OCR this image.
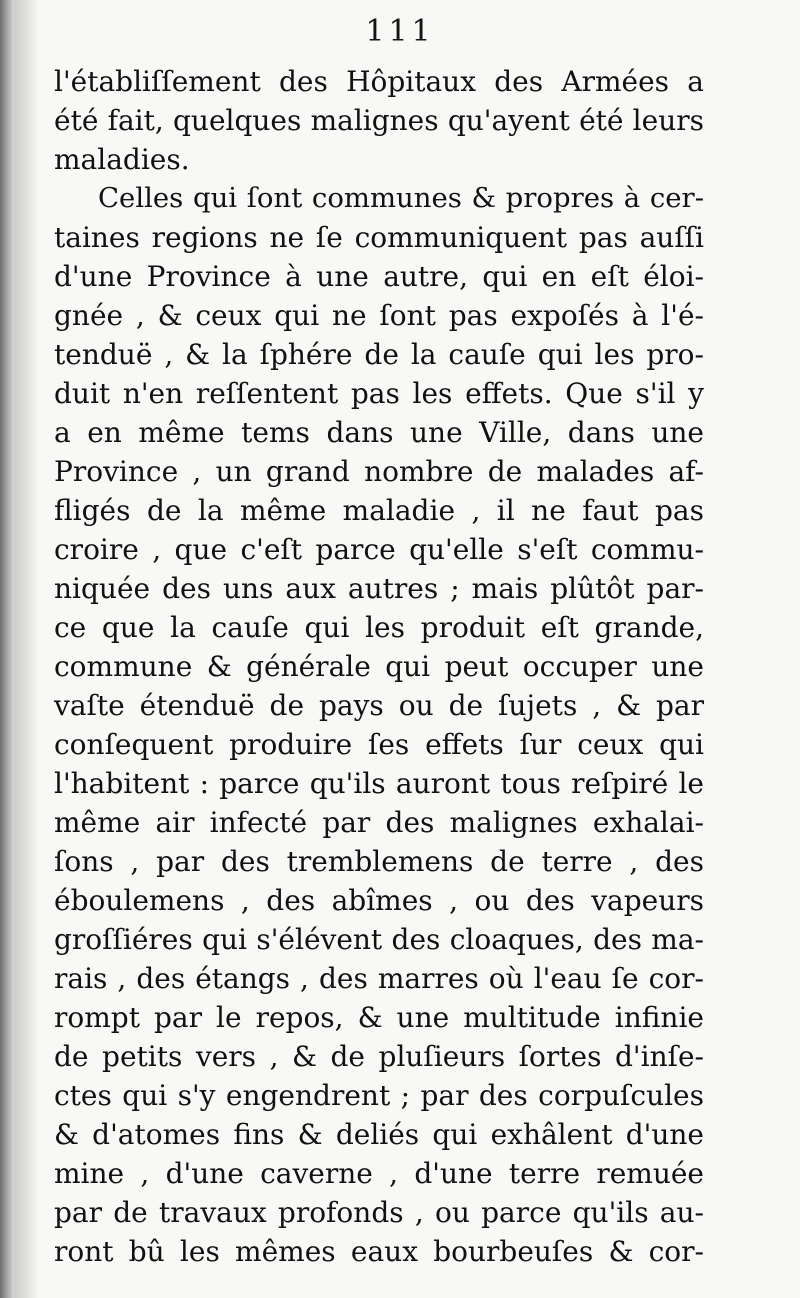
111

l'établiſſement des Hôpitaux des Armées a
été fait, quelques malignes qu'ayent été leurs
maladies.
Celles qui ſont communes & propres à cer-
taines regions ne ſe communiquent pas auſſi
d'une Province à une autre, qui en eſt éloi-
gnée , & ceux qui ne ſont pas expoſés à l'é-
tenduë , & la ſphére de la cauſe qui les pro-
duit n'en reſſentent pas les effets. Que s'il y
a en même tems dans une Ville, dans une
Province , un grand nombre de malades af-
fligés de la même maladie , il ne faut pas
croire , que c'eſt parce qu'elle s'eſt commu-
niquée des uns aux autres ; mais plûtôt par-
ce que la cauſe qui les produit eſt grande,
commune & générale qui peut occuper une
vaſte étenduë de pays ou de ſujets , & par
conſequent produire ſes effets ſur ceux qui
l'habitent : parce qu'ils auront tous reſpiré le
même air infecté par des malignes exhalai-
ſons , par des tremblemens de terre , des
éboulemens , des abîmes , ou des vapeurs
groſſiéres qui s'élévent des cloaques, des ma-
rais , des étangs , des marres où l'eau ſe cor-
rompt par le repos, & une multitude infinie
de petits vers , & de pluſieurs ſortes d'inſe-
ctes qui s'y engendrent ; par des corpuſcules
& d'atomes fins & deliés qui exhâlent d'une
mine , d'une caverne , d'une terre remuée
par de travaux profonds , ou parce qu'ils au-
ront bû les mêmes eaux bourbeuſes & cor-
